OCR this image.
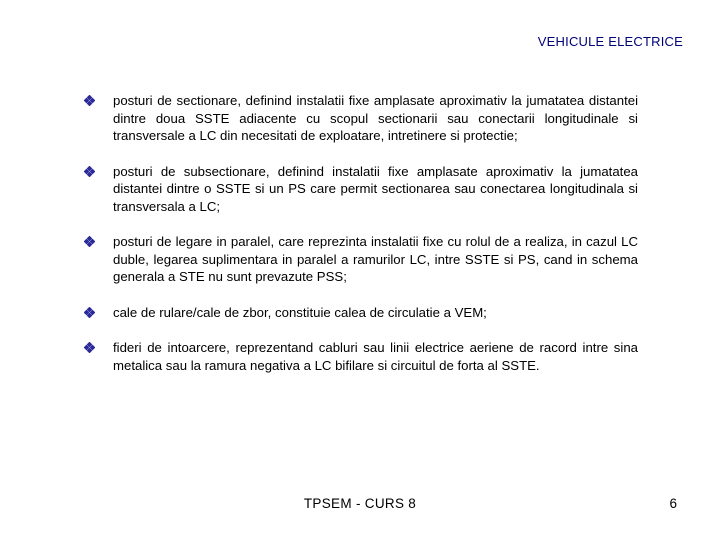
VEHICULE ELECTRICE
posturi de sectionare, definind instalatii fixe amplasate aproximativ la jumatatea distantei dintre doua SSTE adiacente cu scopul sectionarii sau conectarii longitudinale si transversale a LC din necesitati de exploatare, intretinere si protectie;
posturi de subsectionare, definind instalatii fixe amplasate aproximativ la jumatatea distantei dintre o SSTE si un PS care permit sectionarea sau conectarea longitudinala si transversala a LC;
posturi de legare in paralel, care reprezinta instalatii fixe cu rolul de a realiza, in cazul LC duble, legarea suplimentara in paralel a ramurilor LC, intre SSTE si PS, cand in schema generala a STE nu sunt prevazute PSS;
cale de rulare/cale de zbor, constituie calea de circulatie a VEM;
fideri de intoarcere, reprezentand cabluri sau linii electrice aeriene de racord intre sina metalica sau la ramura negativa a LC bifilare si circuitul de forta al SSTE.
TPSEM - CURS 8	6
